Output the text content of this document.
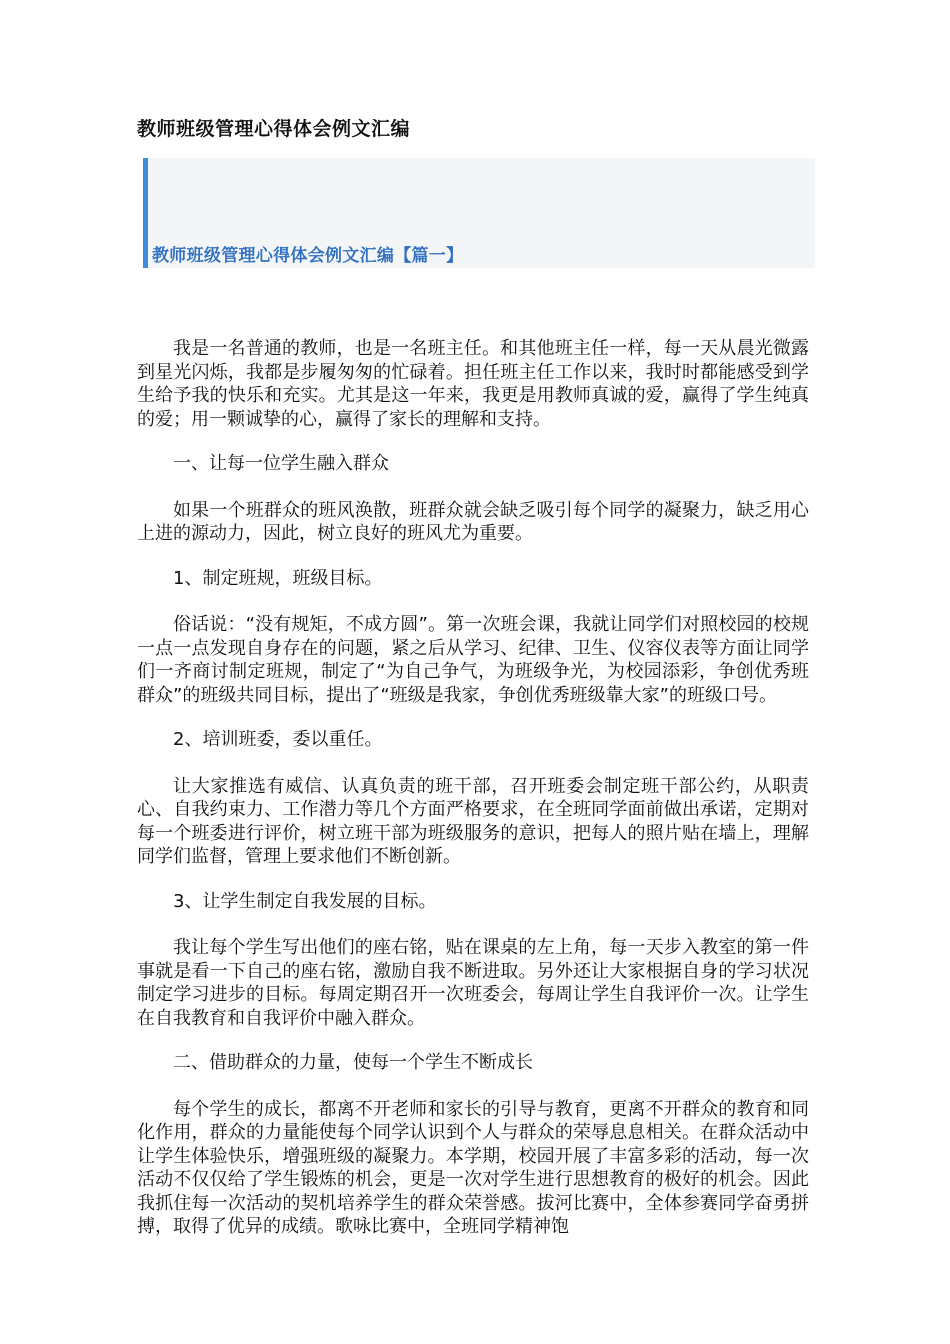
教师班级管理心得体会例文汇编
教师班级管理心得体会例文汇编【篇一】

我是一名普通的教师，也是一名班主任。和其他班主任一样，每一天从晨光微露到星光闪烁，我都是步履匆匆的忙碌着。担任班主任工作以来，我时时都能感受到学生给予我的快乐和充实。尤其是这一年来，我更是用教师真诚的爱，赢得了学生纯真的爱；用一颗诚挚的心，赢得了家长的理解和支持。

一、让每一位学生融入群众

如果一个班群众的班风涣散，班群众就会缺乏吸引每个同学的凝聚力，缺乏用心上进的源动力，因此，树立良好的班风尤为重要。

1、制定班规，班级目标。

俗话说：“没有规矩，不成方圆”。第一次班会课，我就让同学们对照校园的校规一点一点发现自身存在的问题，紧之后从学习、纪律、卫生、仪容仪表等方面让同学们一齐商讨制定班规，制定了“为自己争气，为班级争光，为校园添彩，争创优秀班群众”的班级共同目标，提出了“班级是我家，争创优秀班级靠大家”的班级口号。

2、培训班委，委以重任。

让大家推选有威信、认真负责的班干部，召开班委会制定班干部公约，从职责心、自我约束力、工作潜力等几个方面严格要求，在全班同学面前做出承诺，定期对每一个班委进行评价，树立班干部为班级服务的意识，把每人的照片贴在墙上，理解同学们监督，管理上要求他们不断创新。

3、让学生制定自我发展的目标。

我让每个学生写出他们的座右铭，贴在课桌的左上角，每一天步入教室的第一件事就是看一下自己的座右铭，激励自我不断进取。另外还让大家根据自身的学习状况制定学习进步的目标。每周定期召开一次班委会，每周让学生自我评价一次。让学生在自我教育和自我评价中融入群众。

二、借助群众的力量，使每一个学生不断成长

每个学生的成长，都离不开老师和家长的引导与教育，更离不开群众的教育和同化作用，群众的力量能使每个同学认识到个人与群众的荣辱息息相关。在群众活动中让学生体验快乐，增强班级的凝聚力。本学期，校园开展了丰富多彩的活动，每一次活动不仅仅给了学生锻炼的机会，更是一次对学生进行思想教育的极好的机会。因此我抓住每一次活动的契机培养学生的群众荣誉感。拔河比赛中，全体参赛同学奋勇拼搏，取得了优异的成绩。歌咏比赛中，全班同学精神饱
